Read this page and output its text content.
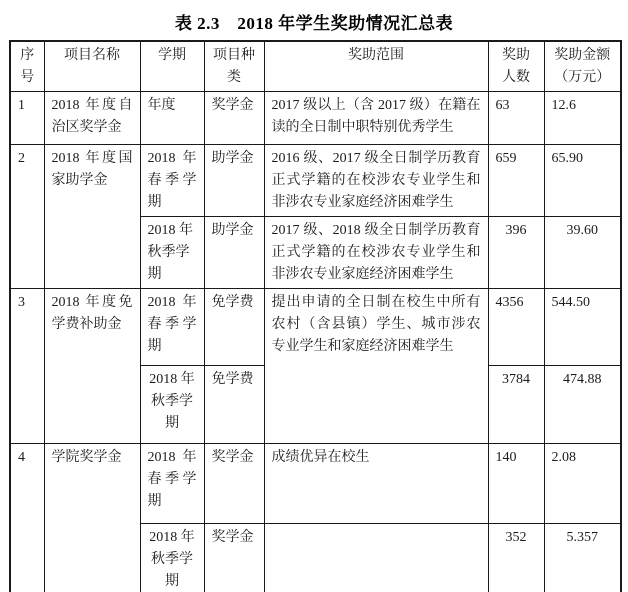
表 2.3　2018 年学生奖助情况汇总表
序号	项目名称	学期	项目种类	奖助范围	奖助人数	奖助金额（万元）
1	2018 年度自治区奖学金	年度	奖学金	2017 级以上（含 2017 级）在籍在读的全日制中职特别优秀学生	63	12.6
2	2018 年度国家助学金	2018 年春季学期	助学金	2016 级、2017 级全日制学历教育正式学籍的在校涉农专业学生和非涉农专业家庭经济困难学生	659	65.90
		2018 年秋季学期	助学金	2017 级、2018 级全日制学历教育正式学籍的在校涉农专业学生和非涉农专业家庭经济困难学生	396	39.60
3	2018 年度免学费补助金	2018 年春季学期	免学费	提出申请的全日制在校生中所有农村（含县镇）学生、城市涉农专业学生和家庭经济困难学生	4356	544.50
		2018 年秋季学期	免学费		3784	474.88
4	学院奖学金	2018 年春季学期	奖学金	成绩优异在校生	140	2.08
		2018 年秋季学期	奖学金		352	5.357
